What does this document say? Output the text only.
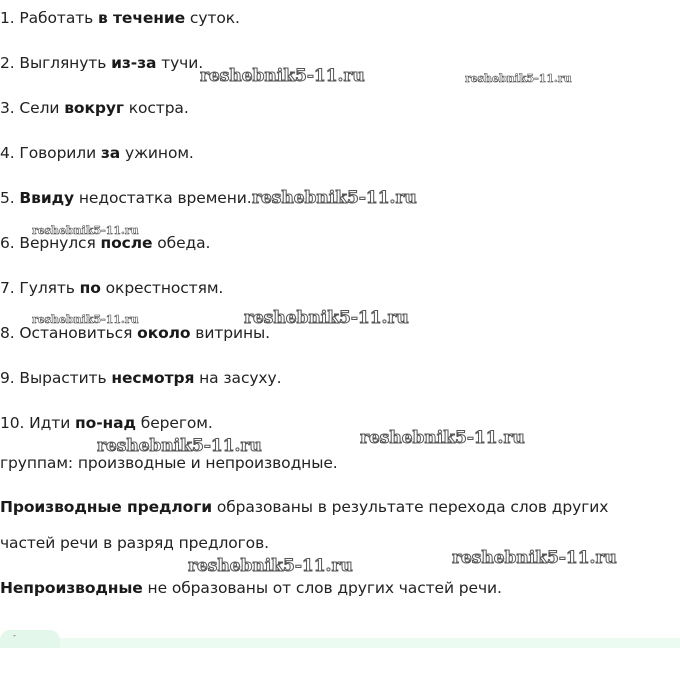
1. Работать в течение суток.
2. Выглянуть из-за тучи.
3. Сели вокруг костра.
4. Говорили за ужином.
5. Ввиду недостатка времени.
6. Вернулся после обеда.
7. Гулять по окрестностям.
8. Остановиться около витрины.
9. Вырастить несмотря на засуху.
10. Идти по-над берегом.
группам: производные и непроизводные.
Производные предлоги образованы в результате перехода слов других
частей речи в разряд предлогов.
Непроизводные не образованы от слов других частей речи.
reshebnik5-11.ru	reshebnik5-11.ru
reshebnik5-11.ru
reshebnik5-11.ru
reshebnik5-11.ru	reshebnik5-11.ru
reshebnik5-11.ru	reshebnik5-11.ru
reshebnik5-11.ru
reshebnik5-11.ru
-
